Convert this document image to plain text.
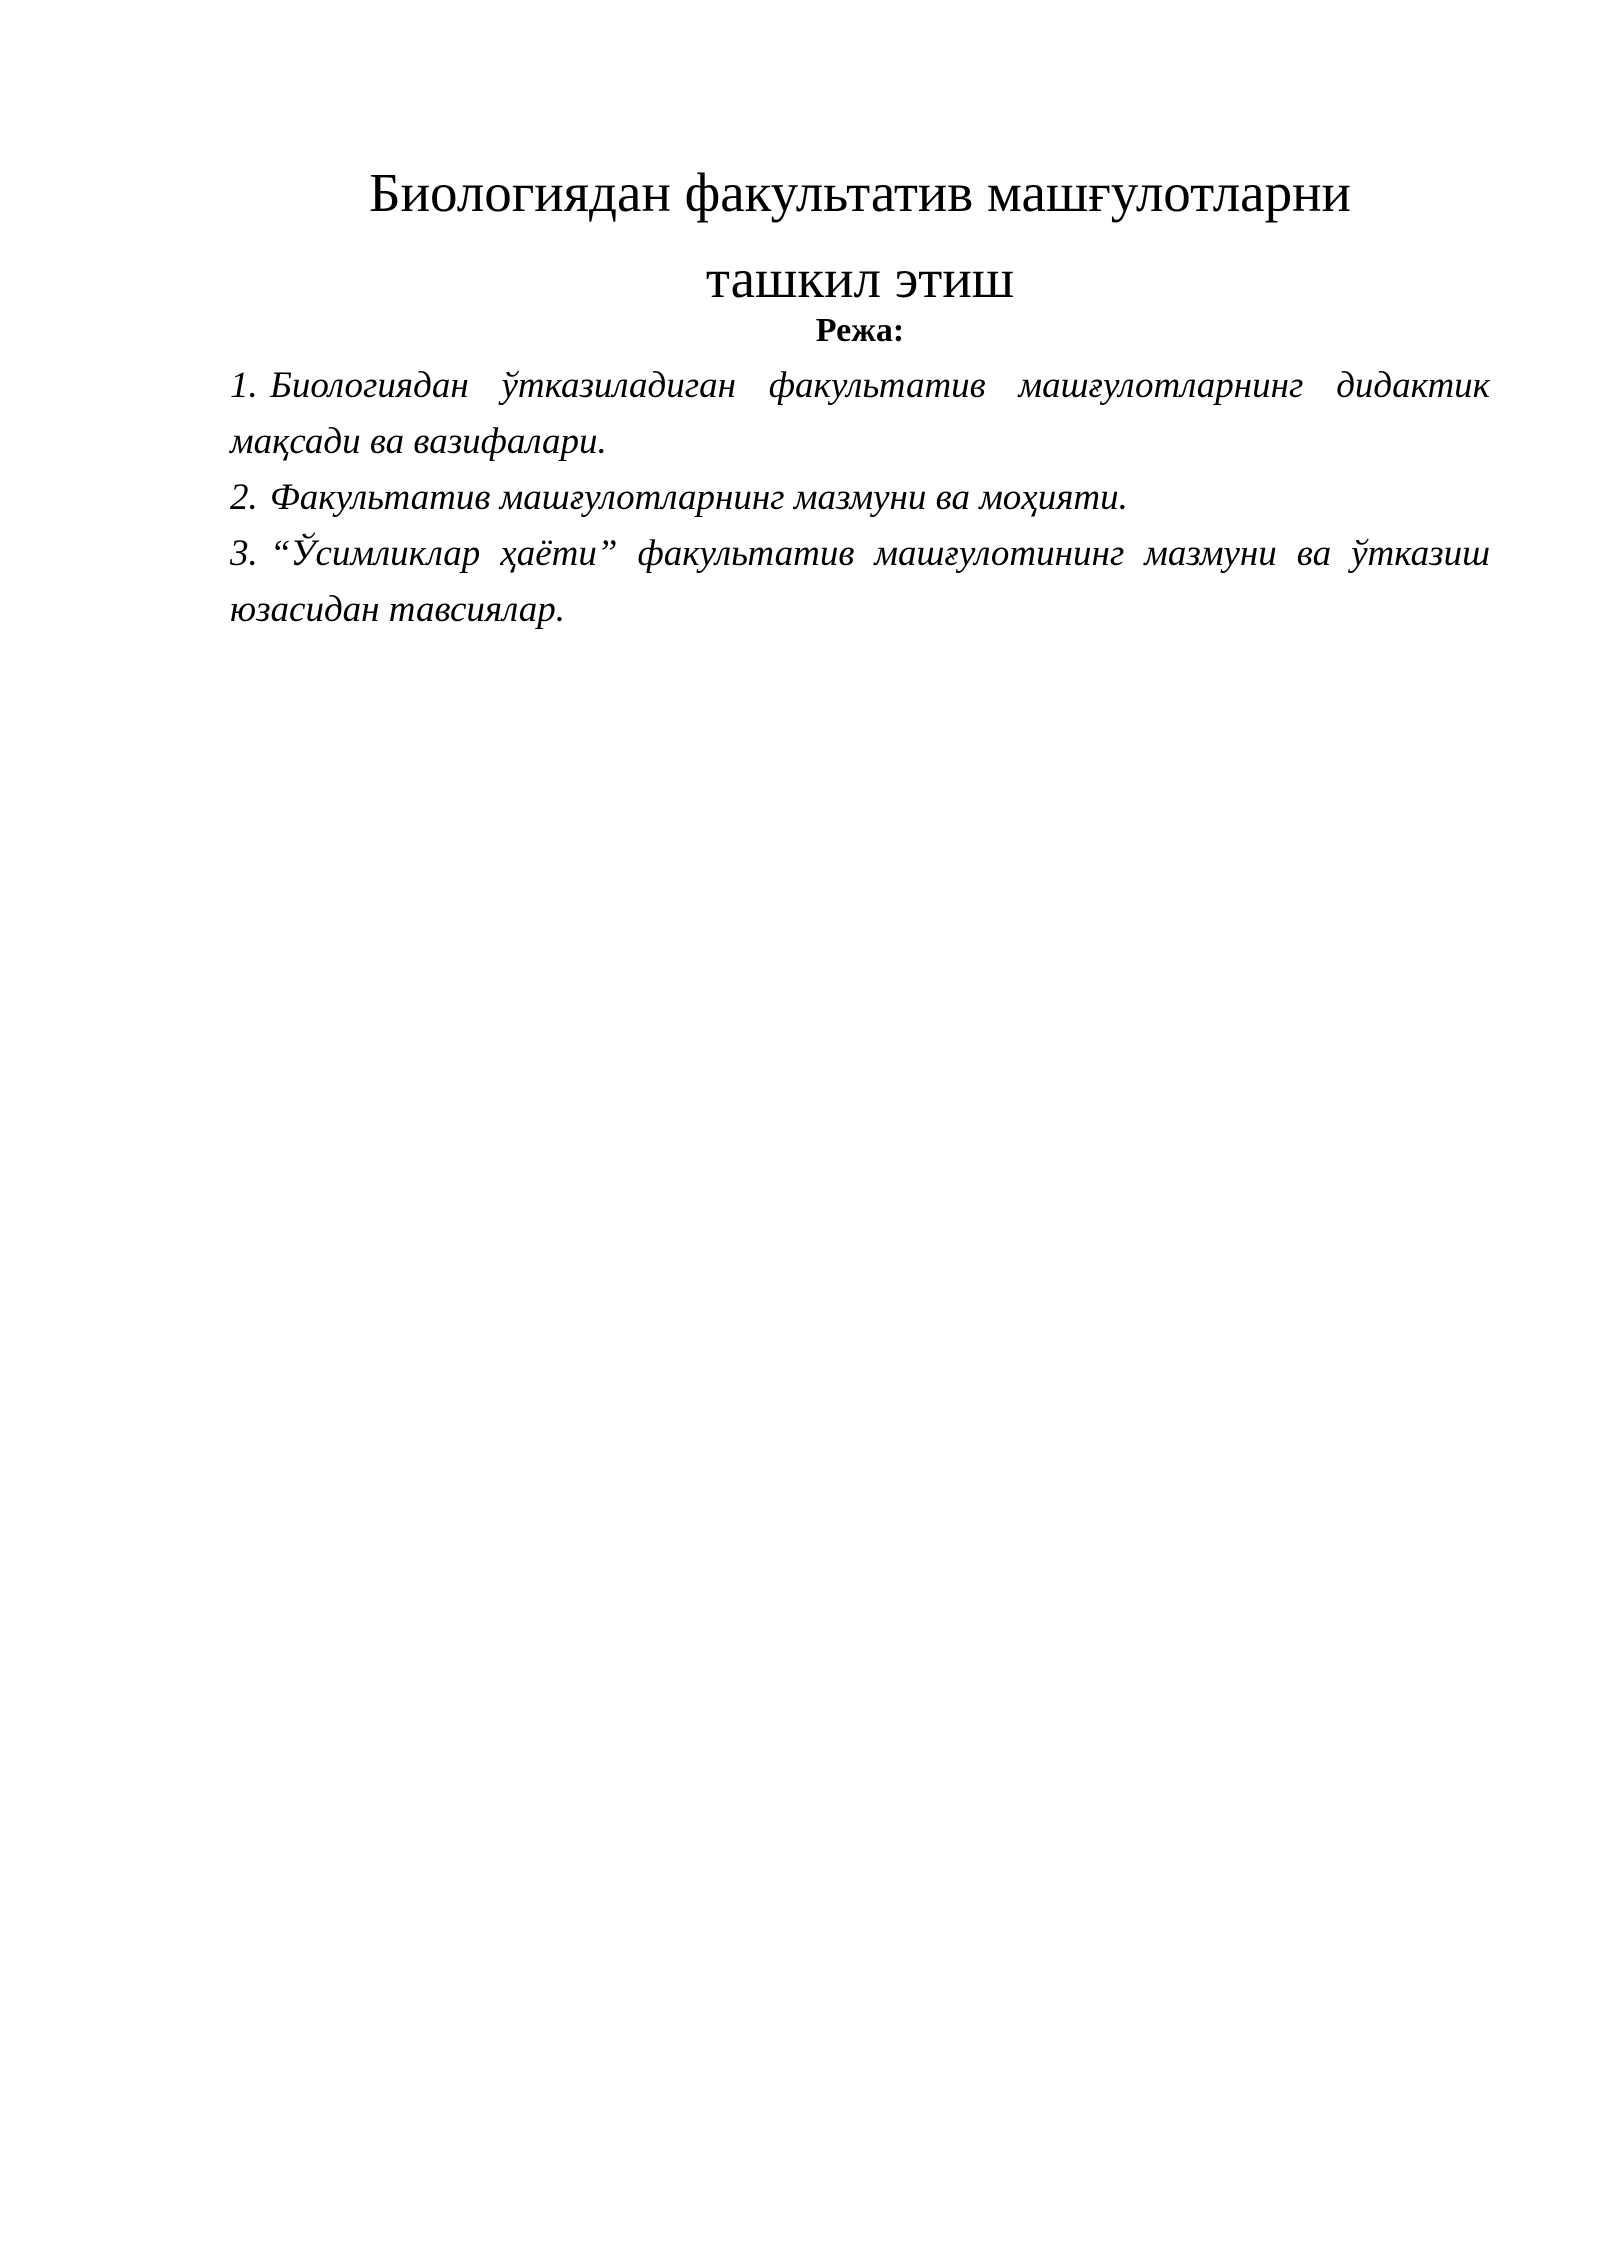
Биологиядан факультатив машғулотларни
ташкил этиш
Режа:
1. Биологиядан ўтказиладиган факультатив машғулотларнинг дидактик мақсади ва вазифалари.
2. Факультатив машғулотларнинг мазмуни ва моҳияти.
3. “Ўсимликлар ҳаёти” факультатив машғулотининг мазмуни ва ўтказиш юзасидан тавсиялар.
